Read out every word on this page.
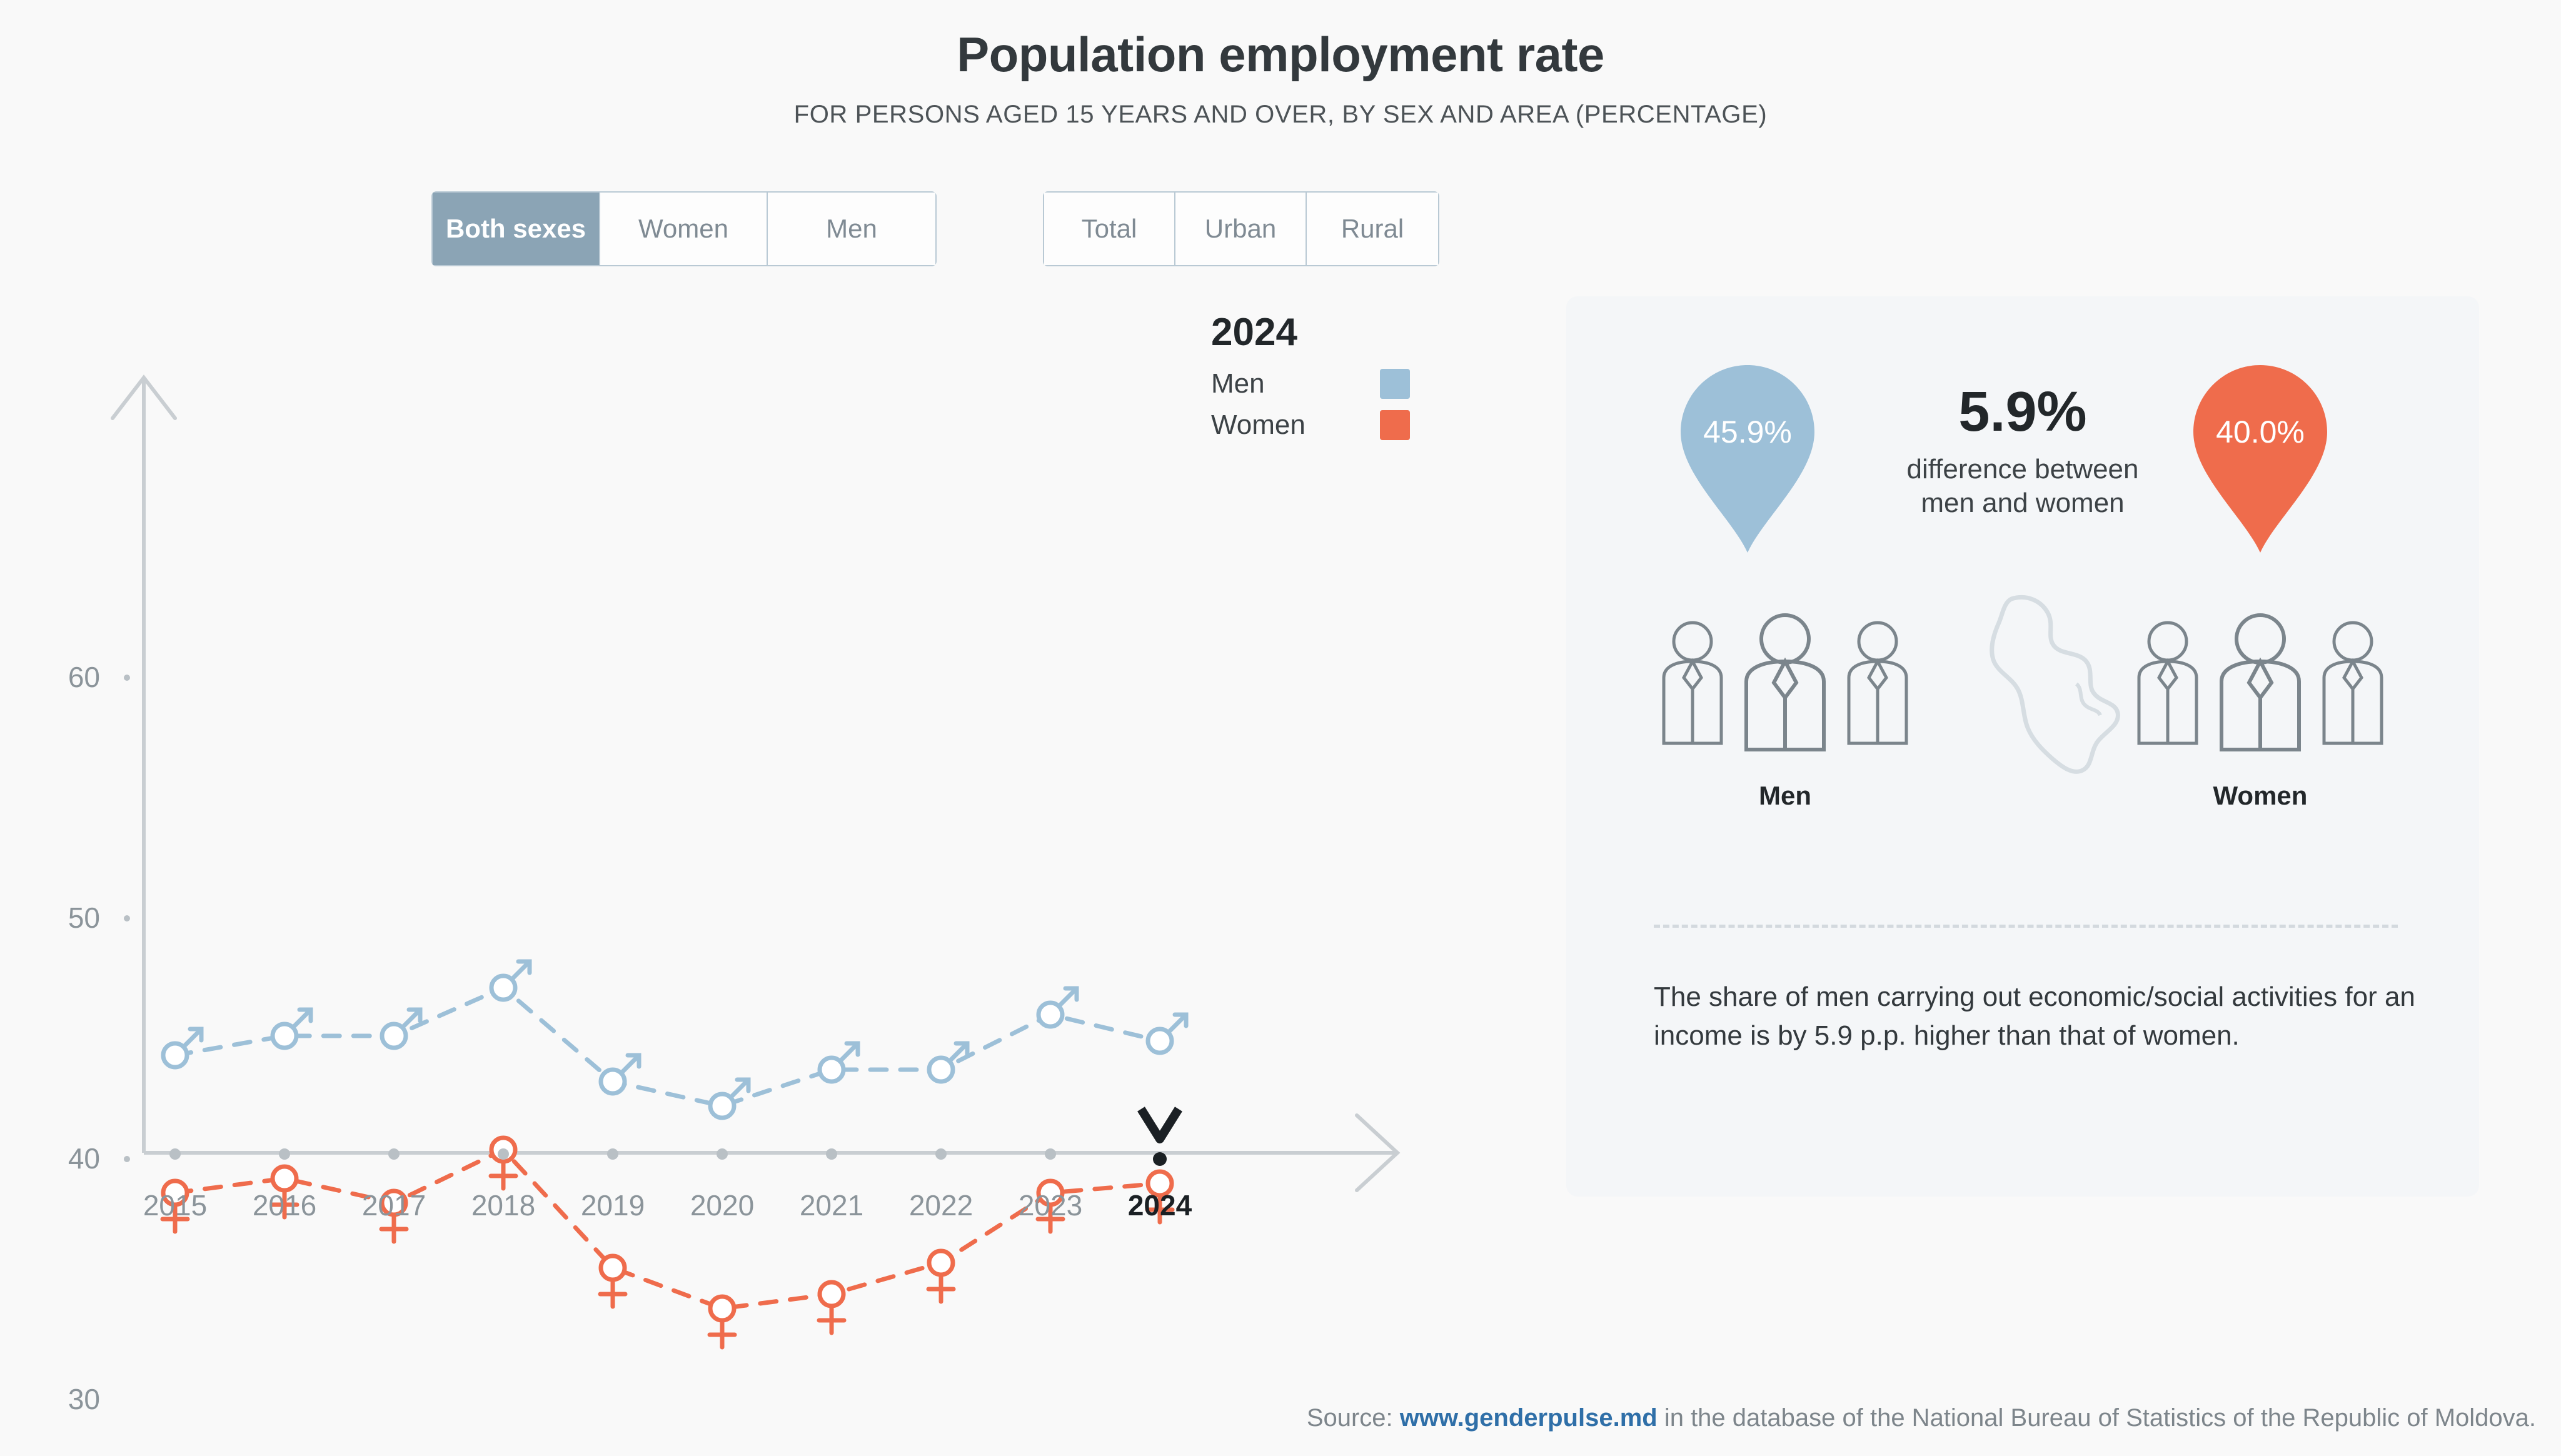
Population employment rate
FOR PERSONS AGED 15 YEARS AND OVER, BY SEX AND AREA (PERCENTAGE)
Both sexes	Women	Men	Total	Urban	Rural
60
50
40
30
2015 2016 2017 2018 2019 2020 2021 2022 2023 2024
2024
Men
Women	45.9%	40.0%
5.9%
difference between
men and women
Men	Women
The share of men carrying out economic/social activities for an income is by 5.9 p.p. higher than that of women.
Source: www.genderpulse.md in the database of the National Bureau of Statistics of the Republic of Moldova.
